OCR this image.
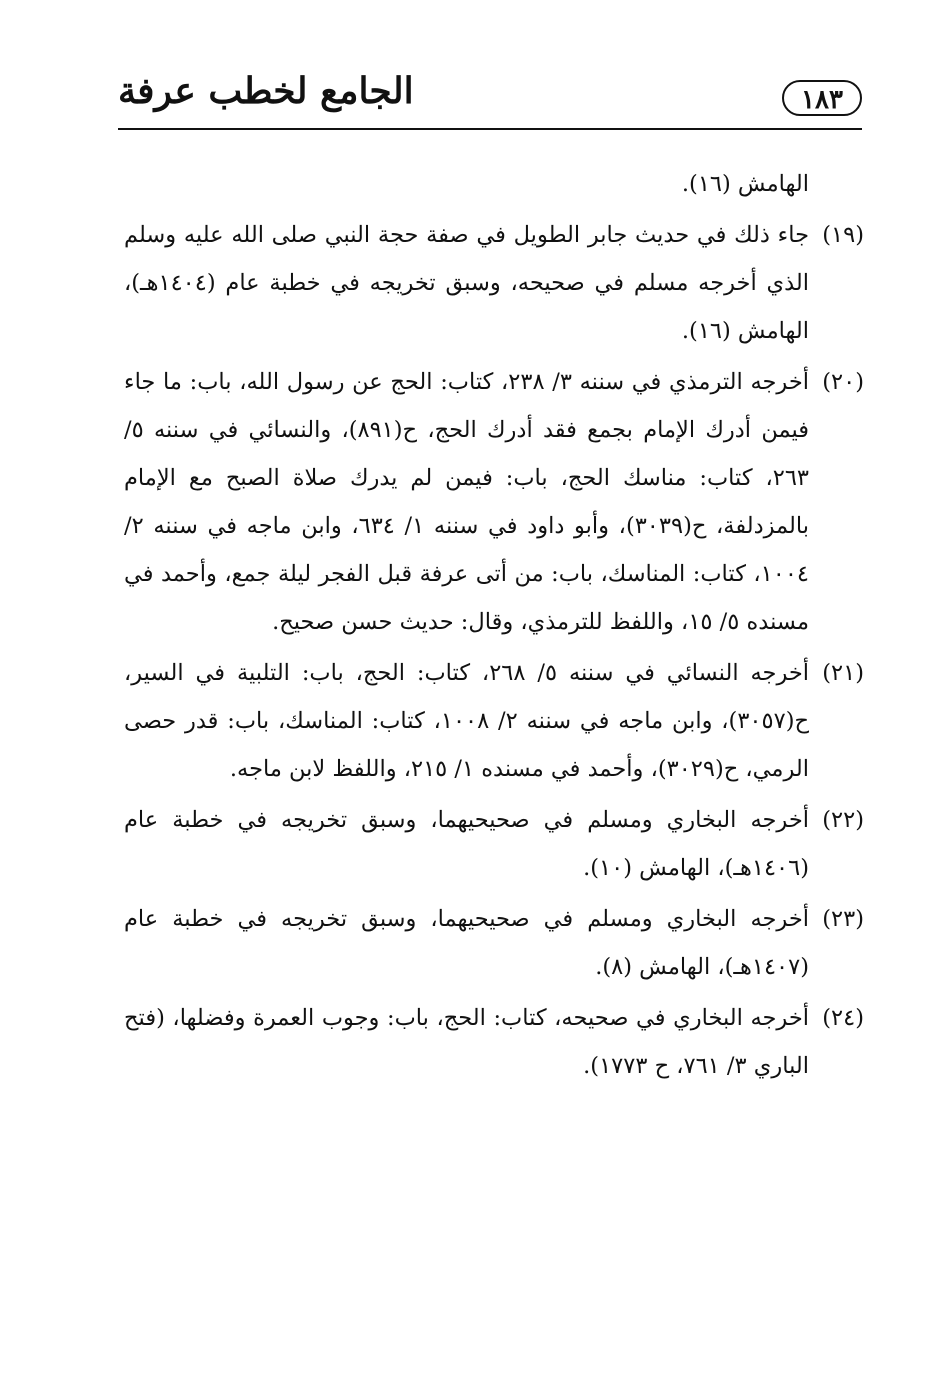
الجامع لخطب عرفة	١٨٣
الهامش (١٦).
(١٩)
جاء ذلك في حديث جابر الطويل في صفة حجة النبي صلى الله عليه وسلم الذي أخرجه مسلم في صحيحه، وسبق تخريجه في خطبة عام (١٤٠٤هـ)، الهامش (١٦).
(٢٠)
أخرجه الترمذي في سننه ٣/ ٢٣٨، كتاب: الحج عن رسول الله، باب: ما جاء فيمن أدرك الإمام بجمع فقد أدرك الحج، ح(٨٩١)، والنسائي في سننه ٥/ ٢٦٣، كتاب: مناسك الحج، باب: فيمن لم يدرك صلاة الصبح مع الإمام بالمزدلفة، ح(٣٠٣٩)، وأبو داود في سننه ١/ ٦٣٤، وابن ماجه في سننه ٢/ ١٠٠٤، كتاب: المناسك، باب: من أتى عرفة قبل الفجر ليلة جمع، وأحمد في مسنده ٥/ ١٥، واللفظ للترمذي، وقال: حديث حسن صحيح.
(٢١)
أخرجه النسائي في سننه ٥/ ٢٦٨، كتاب: الحج، باب: التلبية في السير، ح(٣٠٥٧)، وابن ماجه في سننه ٢/ ١٠٠٨، كتاب: المناسك، باب: قدر حصى الرمي، ح(٣٠٢٩)، وأحمد في مسنده ١/ ٢١٥، واللفظ لابن ماجه.
(٢٢)
أخرجه البخاري ومسلم في صحيحيهما، وسبق تخريجه في خطبة عام (١٤٠٦هـ)، الهامش (١٠).
(٢٣)
أخرجه البخاري ومسلم في صحيحيهما، وسبق تخريجه في خطبة عام (١٤٠٧هـ)، الهامش (٨).
(٢٤)
أخرجه البخاري في صحيحه، كتاب: الحج، باب: وجوب العمرة وفضلها، (فتح الباري ٣/ ٧٦١، ح ١٧٧٣).
